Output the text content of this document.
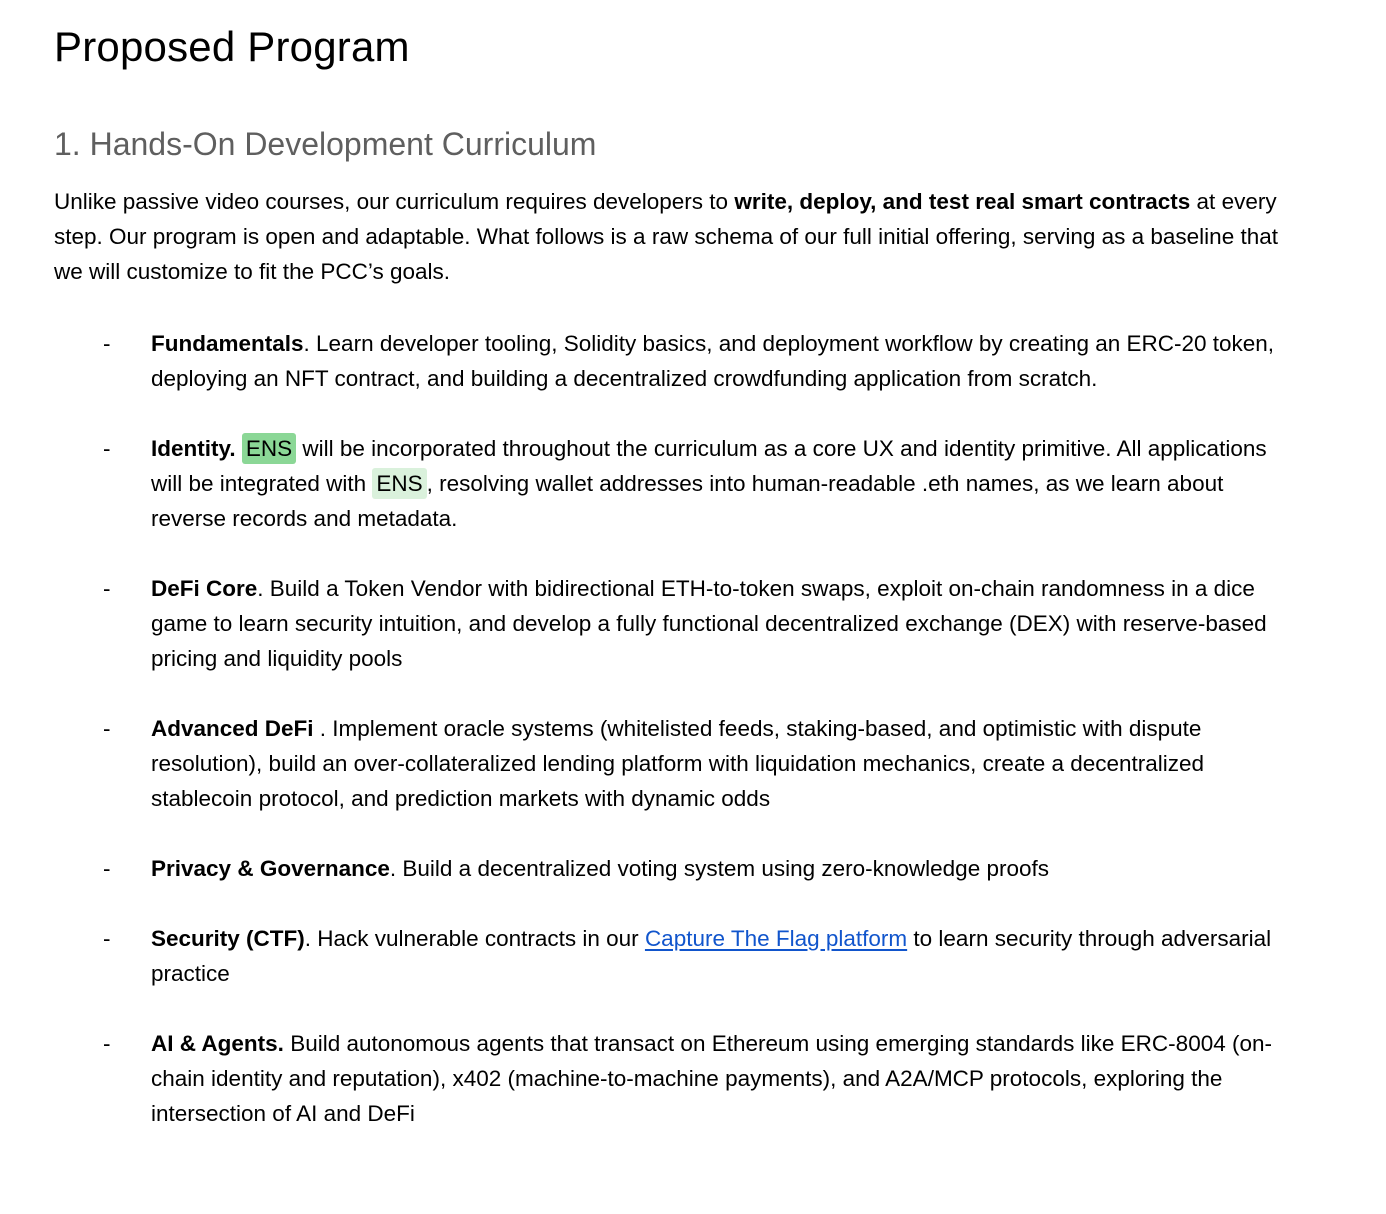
Proposed Program
1. Hands-On Development Curriculum

Unlike passive video courses, our curriculum requires developers to write, deploy, and test real smart contracts at every step. Our program is open and adaptable. What follows is a raw schema of our full initial offering, serving as a baseline that we will customize to fit the PCC’s goals.

- Fundamentals. Learn developer tooling, Solidity basics, and deployment workflow by creating an ERC-20 token, deploying an NFT contract, and building a decentralized crowdfunding application from scratch.
- Identity. ENS will be incorporated throughout the curriculum as a core UX and identity primitive. All applications will be integrated with ENS , resolving wallet addresses into human-readable .eth names, as we learn about reverse records and metadata.
- DeFi Core. Build a Token Vendor with bidirectional ETH-to-token swaps, exploit on-chain randomness in a dice game to learn security intuition, and develop a fully functional decentralized exchange (DEX) with reserve-based pricing and liquidity pools
- Advanced DeFi . Implement oracle systems (whitelisted feeds, staking-based, and optimistic with dispute resolution), build an over-collateralized lending platform with liquidation mechanics, create a decentralized stablecoin protocol, and prediction markets with dynamic odds
- Privacy & Governance. Build a decentralized voting system using zero-knowledge proofs
- Security (CTF). Hack vulnerable contracts in our Capture The Flag platform to learn security through adversarial practice
- AI & Agents. Build autonomous agents that transact on Ethereum using emerging standards like ERC-8004 (on-chain identity and reputation), x402 (machine-to-machine payments), and A2A/MCP protocols, exploring the intersection of AI and DeFi
